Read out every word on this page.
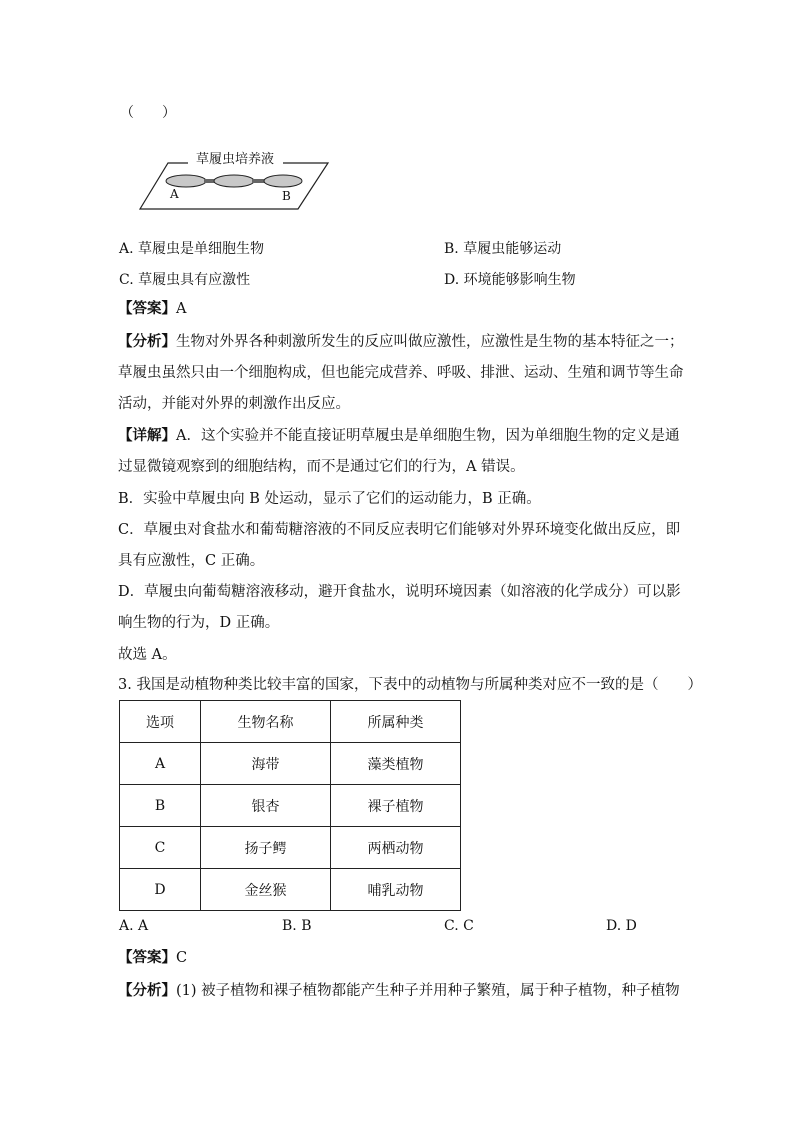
（　　）
草履虫培养液
A	B
A. 草履虫是单细胞生物	B. 草履虫能够运动
C. 草履虫具有应激性	D. 环境能够影响生物
【答案】A
【分析】生物对外界各种刺激所发生的反应叫做应激性，应激性是生物的基本特征之一；
草履虫虽然只由一个细胞构成，但也能完成营养、呼吸、排泄、运动、生殖和调节等生命
活动，并能对外界的刺激作出反应。
【详解】A．这个实验并不能直接证明草履虫是单细胞生物，因为单细胞生物的定义是通
过显微镜观察到的细胞结构，而不是通过它们的行为，A 错误。
B．实验中草履虫向 B 处运动，显示了它们的运动能力，B 正确。
C．草履虫对食盐水和葡萄糖溶液的不同反应表明它们能够对外界环境变化做出反应，即
具有应激性，C 正确。
D．草履虫向葡萄糖溶液移动，避开食盐水，说明环境因素（如溶液的化学成分）可以影
响生物的行为，D 正确。
故选 A。
3. 我国是动植物种类比较丰富的国家，下表中的动植物与所属种类对应不一致的是（　　）
选项	生物名称	所属种类
A	海带	藻类植物
B	银杏	裸子植物
C	扬子鳄	两栖动物
D	金丝猴	哺乳动物
A. A	B. B	C. C	D. D
【答案】C
【分析】(1) 被子植物和裸子植物都能产生种子并用种子繁殖，属于种子植物，种子植物
